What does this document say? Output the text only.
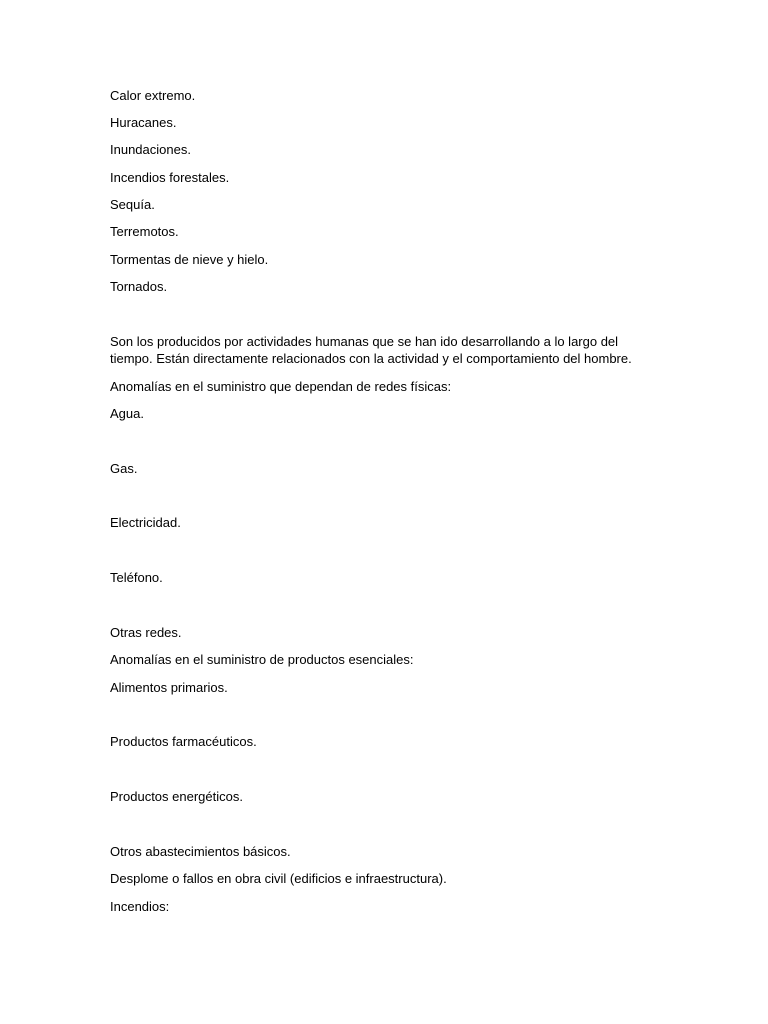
Calor extremo.
Huracanes.
Inundaciones.
Incendios forestales.
Sequía.
Terremotos.
Tormentas de nieve y hielo.
Tornados.
Son los producidos por actividades humanas que se han ido desarrollando a lo largo del
tiempo. Están directamente relacionados con la actividad y el comportamiento del hombre.
Anomalías en el suministro que dependan de redes físicas:
Agua.
Gas.
Electricidad.
Teléfono.
Otras redes.
Anomalías en el suministro de productos esenciales:
Alimentos primarios.
Productos farmacéuticos.
Productos energéticos.
Otros abastecimientos básicos.
Desplome o fallos en obra civil (edificios e infraestructura).
Incendios:
